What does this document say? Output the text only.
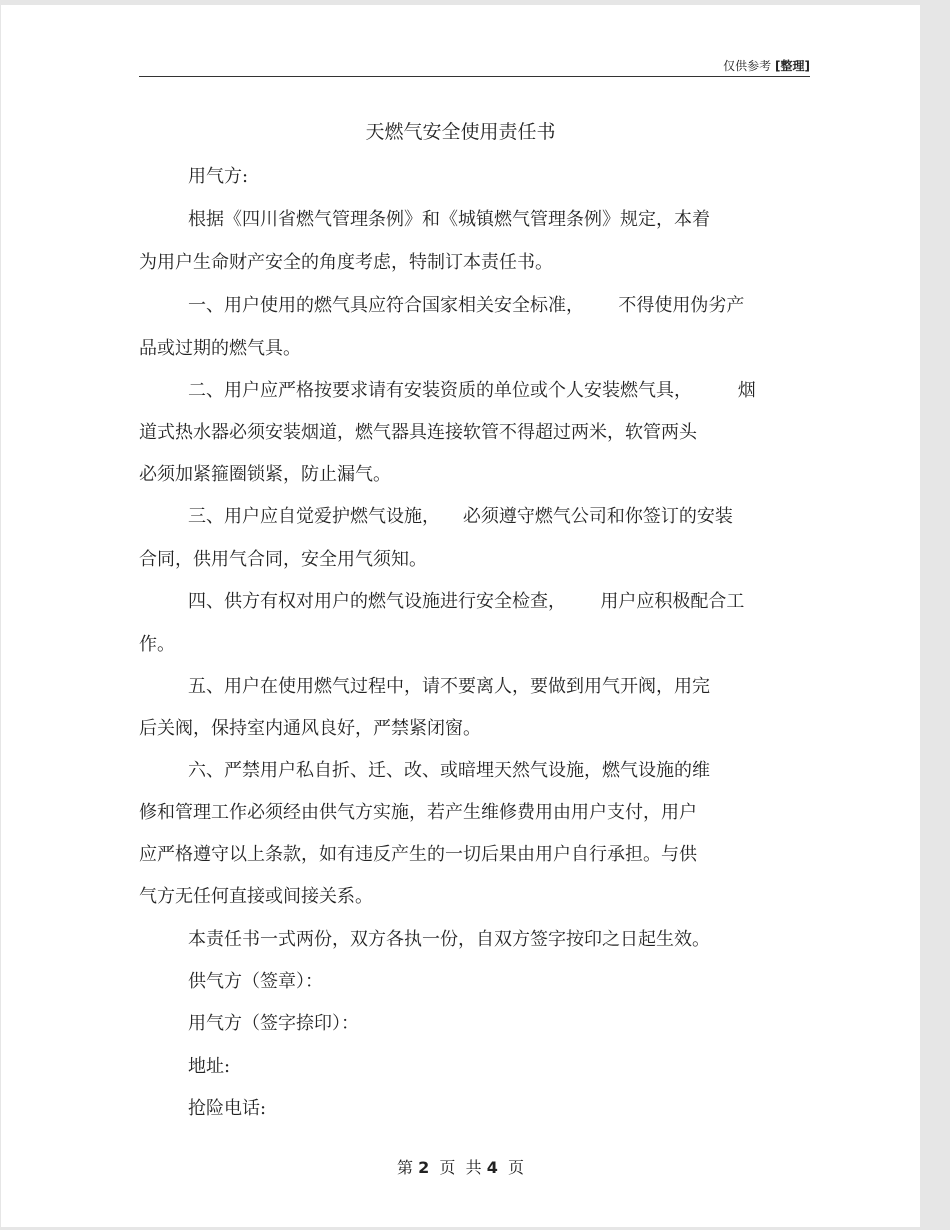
仅供参考 [整理]
天燃气安全使用责任书
用气方:
根据《四川省燃气管理条例》和《城镇燃气管理条例》规定，本着
为用户生命财产安全的角度考虑，特制订本责任书。
一、用户使用的燃气具应符合国家相关安全标准，      不得使用伪劣产
品或过期的燃气具。
二、用户应严格按要求请有安装资质的单位或个人安装燃气具，        烟
道式热水器必须安装烟道，燃气器具连接软管不得超过两米，软管两头
必须加紧箍圈锁紧，防止漏气。
三、用户应自觉爱护燃气设施，    必须遵守燃气公司和你签订的安装
合同，供用气合同，安全用气须知。
四、供方有权对用户的燃气设施进行安全检查，      用户应积极配合工
作。
五、用户在使用燃气过程中，请不要离人，要做到用气开阀，用完
后关阀，保持室内通风良好，严禁紧闭窗。
六、严禁用户私自折、迁、改、或暗埋天然气设施，燃气设施的维
修和管理工作必须经由供气方实施，若产生维修费用由用户支付，用户
应严格遵守以上条款，如有违反产生的一切后果由用户自行承担。与供
气方无任何直接或间接关系。
本责任书一式两份，双方各执一份，自双方签字按印之日起生效。
供气方（签章）：
用气方（签字捺印）：
地址:
抢险电话:
第 2 页 共 4 页
